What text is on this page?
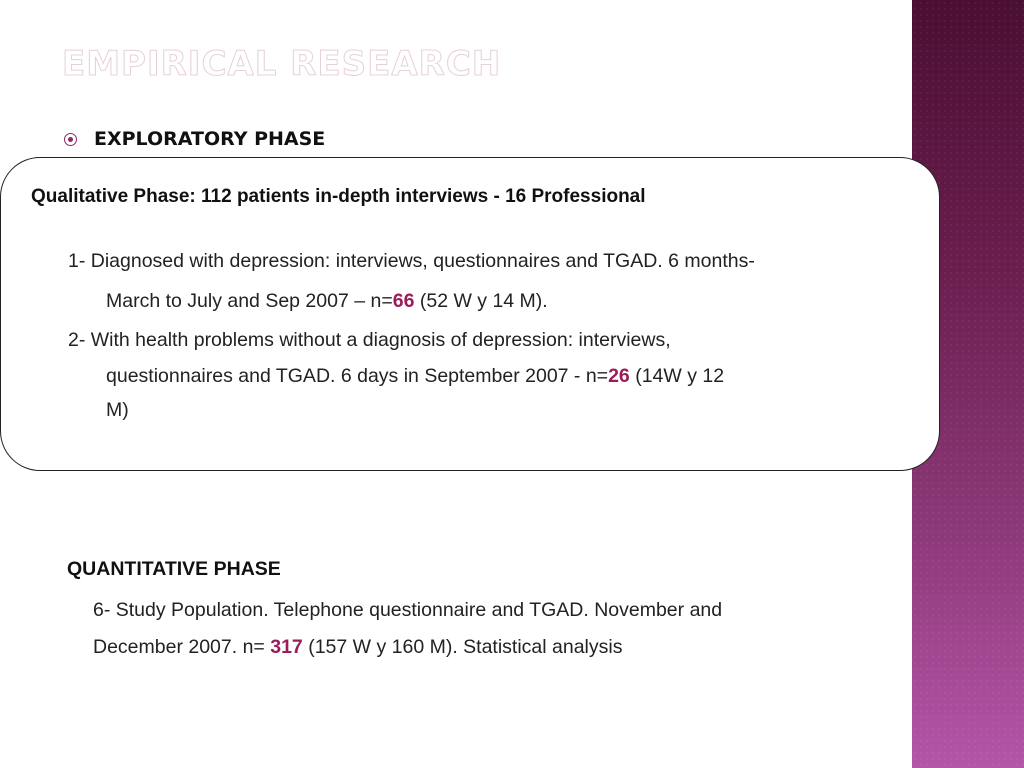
EMPIRICAL RESEARCH
EXPLORATORY PHASE
Qualitative Phase: 112 patients in-depth interviews - 16 Professional
1- Diagnosed with depression: interviews, questionnaires and TGAD. 6 months-
March to July and Sep 2007 – n=66 (52 W y 14 M).
2- With health problems without a diagnosis of depression: interviews,
questionnaires and TGAD. 6 days in September 2007 - n=26 (14W y 12
M)
QUANTITATIVE PHASE
6- Study Population. Telephone questionnaire and TGAD. November and
December 2007. n= 317 (157 W y 160 M). Statistical analysis
